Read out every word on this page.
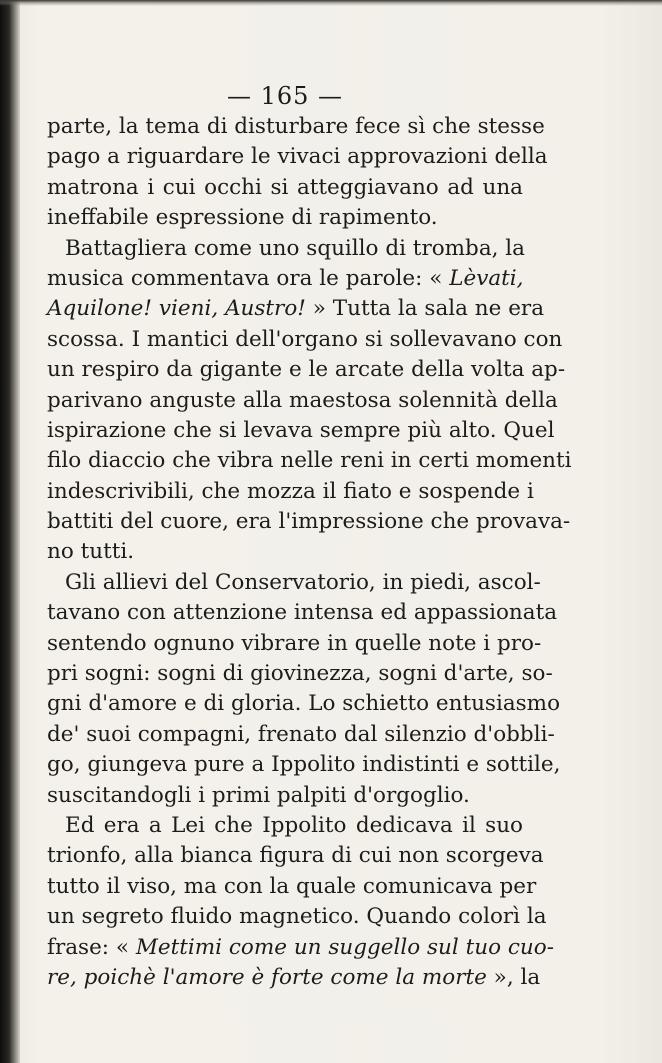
— 165 —
parte, la tema di disturbare fece sì che stesse
pago a riguardare le vivaci approvazioni della
matrona i cui occhi si atteggiavano ad una
ineffabile espressione di rapimento.
Battagliera come uno squillo di tromba, la
musica commentava ora le parole: « Lèvati,
Aquilone! vieni, Austro! » Tutta la sala ne era
scossa. I mantici dell'organo si sollevavano con
un respiro da gigante e le arcate della volta ap-
parivano anguste alla maestosa solennità della
ispirazione che si levava sempre più alto. Quel
filo diaccio che vibra nelle reni in certi momenti
indescrivibili, che mozza il fiato e sospende i
battiti del cuore, era l'impressione che provava-
no tutti.
Gli allievi del Conservatorio, in piedi, ascol-
tavano con attenzione intensa ed appassionata
sentendo ognuno vibrare in quelle note i pro-
pri sogni: sogni di giovinezza, sogni d'arte, so-
gni d'amore e di gloria. Lo schietto entusiasmo
de' suoi compagni, frenato dal silenzio d'obbli-
go, giungeva pure a Ippolito indistinti e sottile,
suscitandogli i primi palpiti d'orgoglio.
Ed era a Lei che Ippolito dedicava il suo
trionfo, alla bianca figura di cui non scorgeva
tutto il viso, ma con la quale comunicava per
un segreto fluido magnetico. Quando colorì la
frase: « Mettimi come un suggello sul tuo cuo-
re, poichè l'amore è forte come la morte », la
